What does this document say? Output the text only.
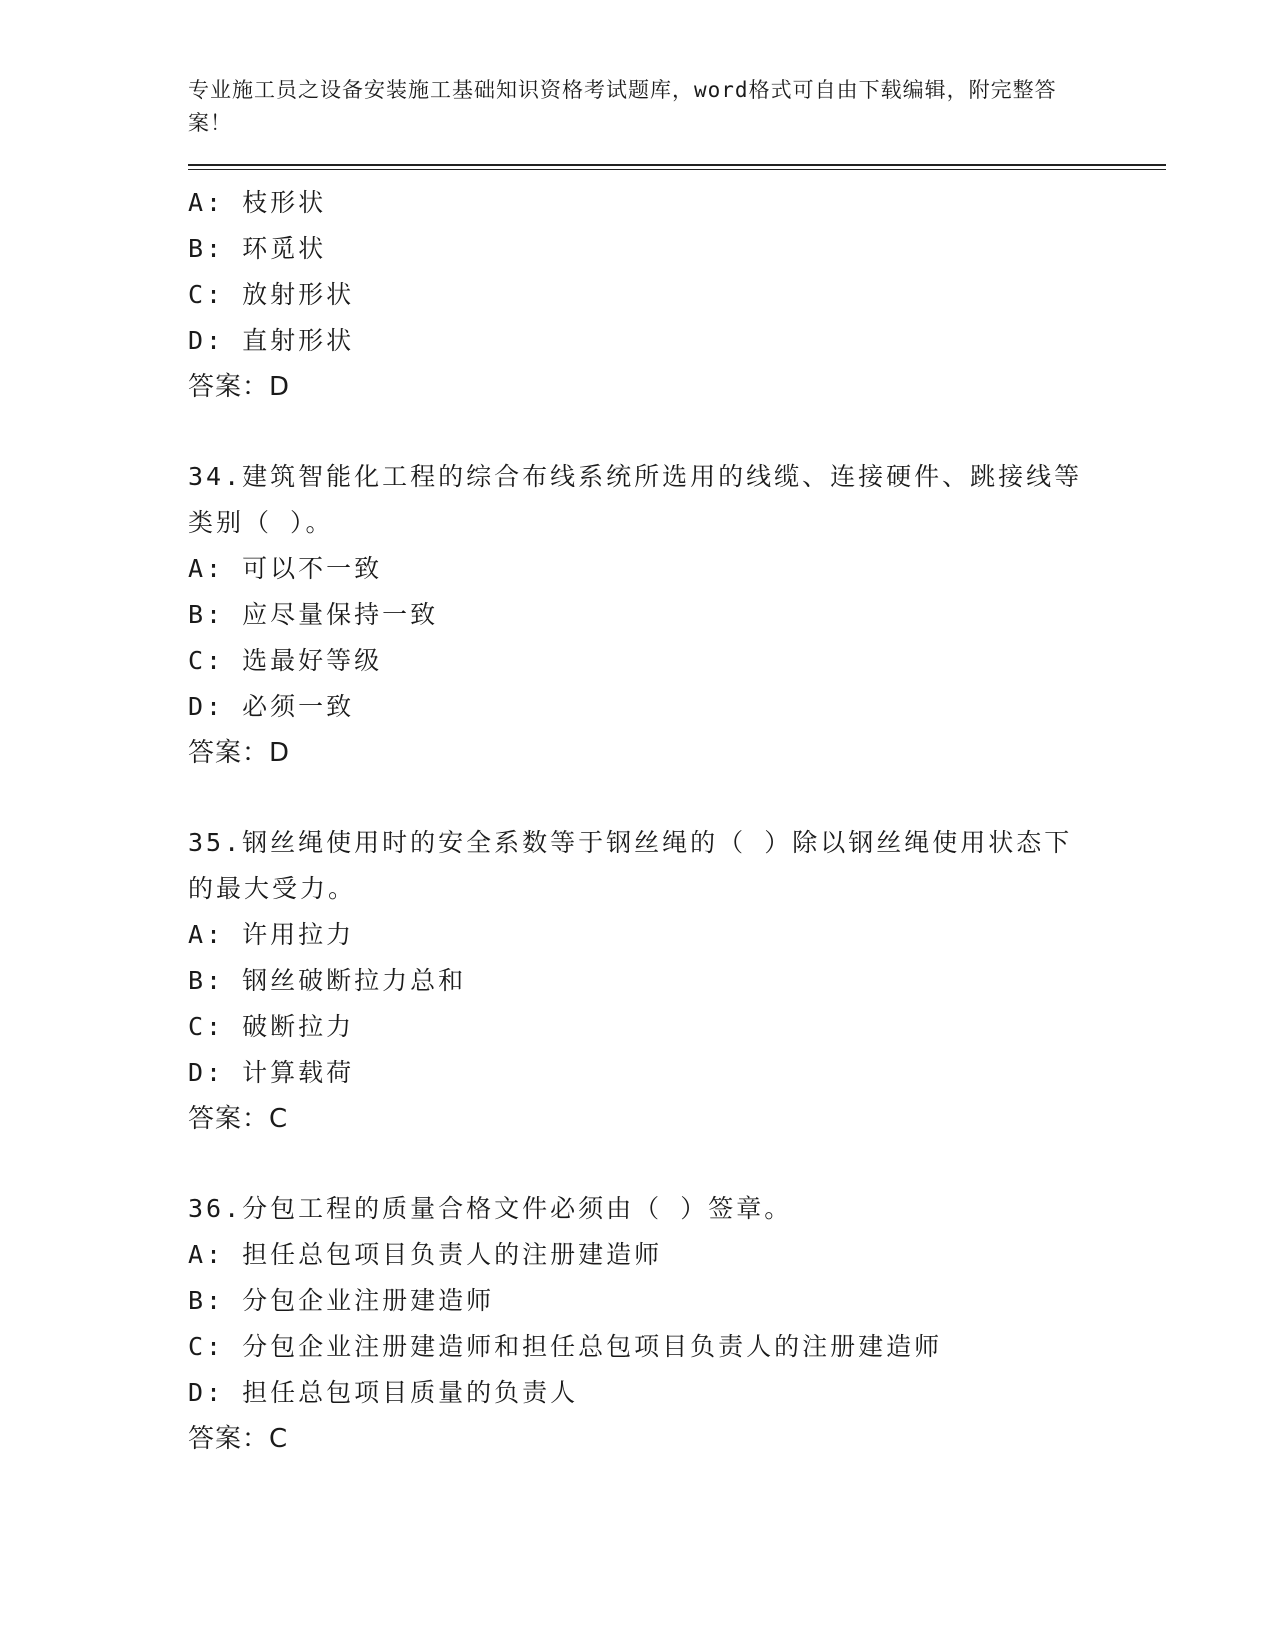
专业施工员之设备安装施工基础知识资格考试题库，word格式可自由下载编辑，附完整答案！
A: 枝形状
B: 环觅状
C: 放射形状
D: 直射形状
答案：D
34.建筑智能化工程的综合布线系统所选用的线缆、连接硬件、跳接线等类别（ ）。
A: 可以不一致
B: 应尽量保持一致
C: 选最好等级
D: 必须一致
答案：D
35.钢丝绳使用时的安全系数等于钢丝绳的（ ）除以钢丝绳使用状态下的最大受力。
A: 许用拉力
B: 钢丝破断拉力总和
C: 破断拉力
D: 计算载荷
答案：C
36.分包工程的质量合格文件必须由（ ）签章。
A: 担任总包项目负责人的注册建造师
B: 分包企业注册建造师
C: 分包企业注册建造师和担任总包项目负责人的注册建造师
D: 担任总包项目质量的负责人
答案：C
